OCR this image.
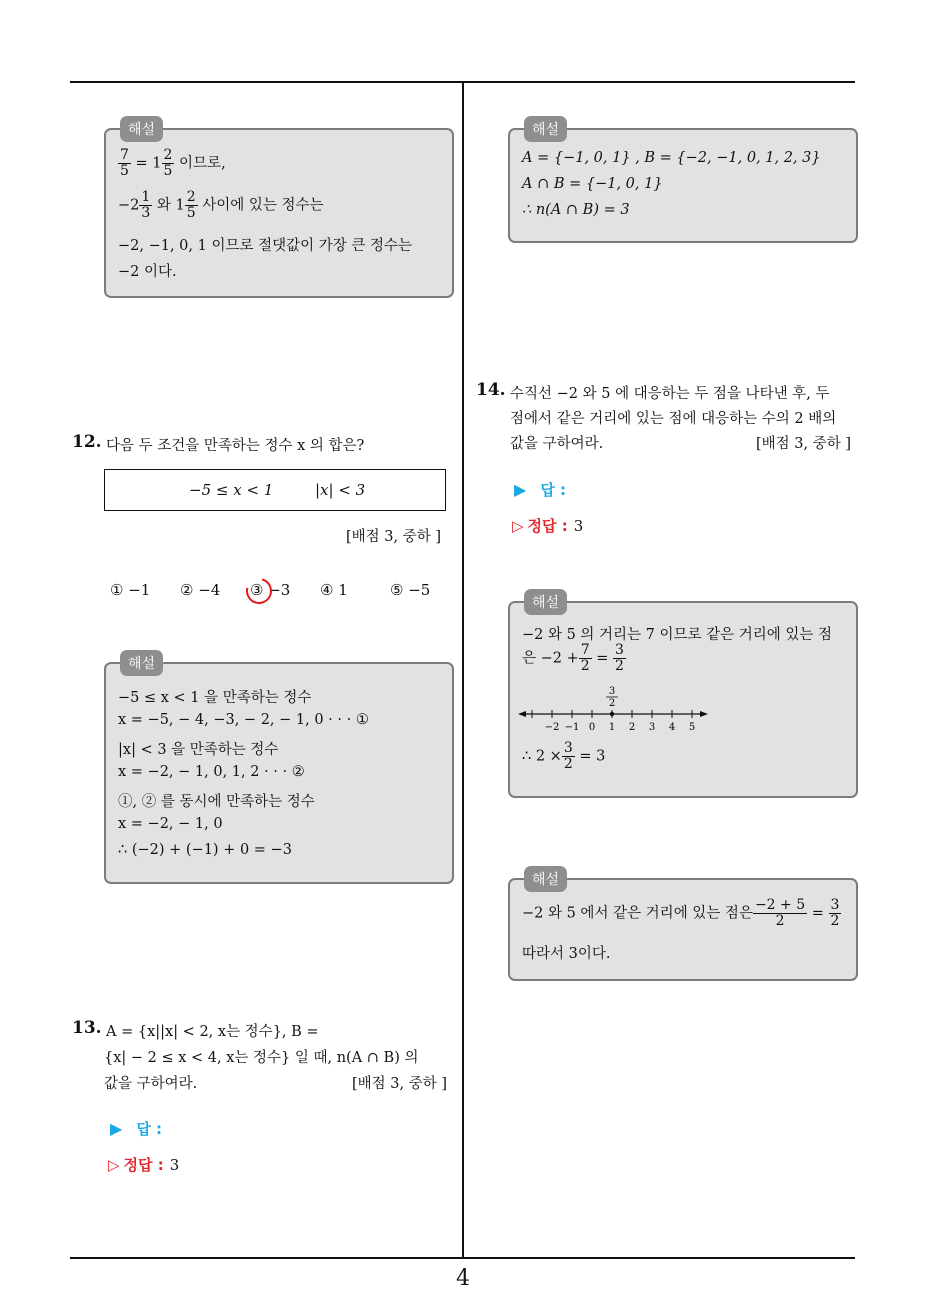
해설
$\frac{7}{5} = 1 \frac{2}{5}$ 이므로,
$-2 \frac{1}{3}$ 와 $1 \frac{2}{5}$ 사이에 있는 정수는
−2, −1, 0, 1 이므로 절댓값이 가장 큰 정수는
−2 이다.
해설
A = {−1, 0, 1} , B = {−2, −1, 0, 1, 2, 3}
A ∩ B = {−1, 0, 1}
∴ n(A ∩ B) = 3
12. 다음 두 조건을 만족하는 정수 x 의 합은?
−5 ≤ x < 1	|x| < 3
[배점 3, 중하 ]
① −1 ② −4 ③ −3 ④ 1	⑤ −5
해설
−5 ≤ x < 1 을 만족하는 정수
x = −5, − 4, −3, − 2, − 1, 0 · · · ①
|x| < 3 을 만족하는 정수
x = −2, − 1, 0, 1, 2 · · · ②
①, ② 를 동시에 만족하는 정수
x = −2, − 1, 0
∴ (−2) + (−1) + 0 = −3
13. A = {x||x| < 2, x는 정수}, B =
{x| − 2 ≤ x < 4, x는 정수} 일 때, n(A ∩ B) 의
값을 구하여라.	[배점 3, 중하 ]
▶ 답 :
▷ 정답 : 3
14. 수직선 −2 와 5 에 대응하는 두 점을 나타낸 후, 두
점에서 같은 거리에 있는 점에 대응하는 수의 2 배의
값을 구하여라.	[배점 3, 중하 ]
▶ 답 :
▷ 정답 : 3
해설
−2 와 5 의 거리는 7 이므로 같은 거리에 있는 점
은 $-2 + \frac{7}{2} = \frac{3}{2}$
3
2
−2 −1 0 1 2 3 4 5
∴ $2 \times \frac{3}{2} = 3$
해설
−2 와 5 에서 같은 거리에 있는 점은 $\frac{-2 + 5}{2} = \frac{3}{2}$
따라서 3이다.
4
